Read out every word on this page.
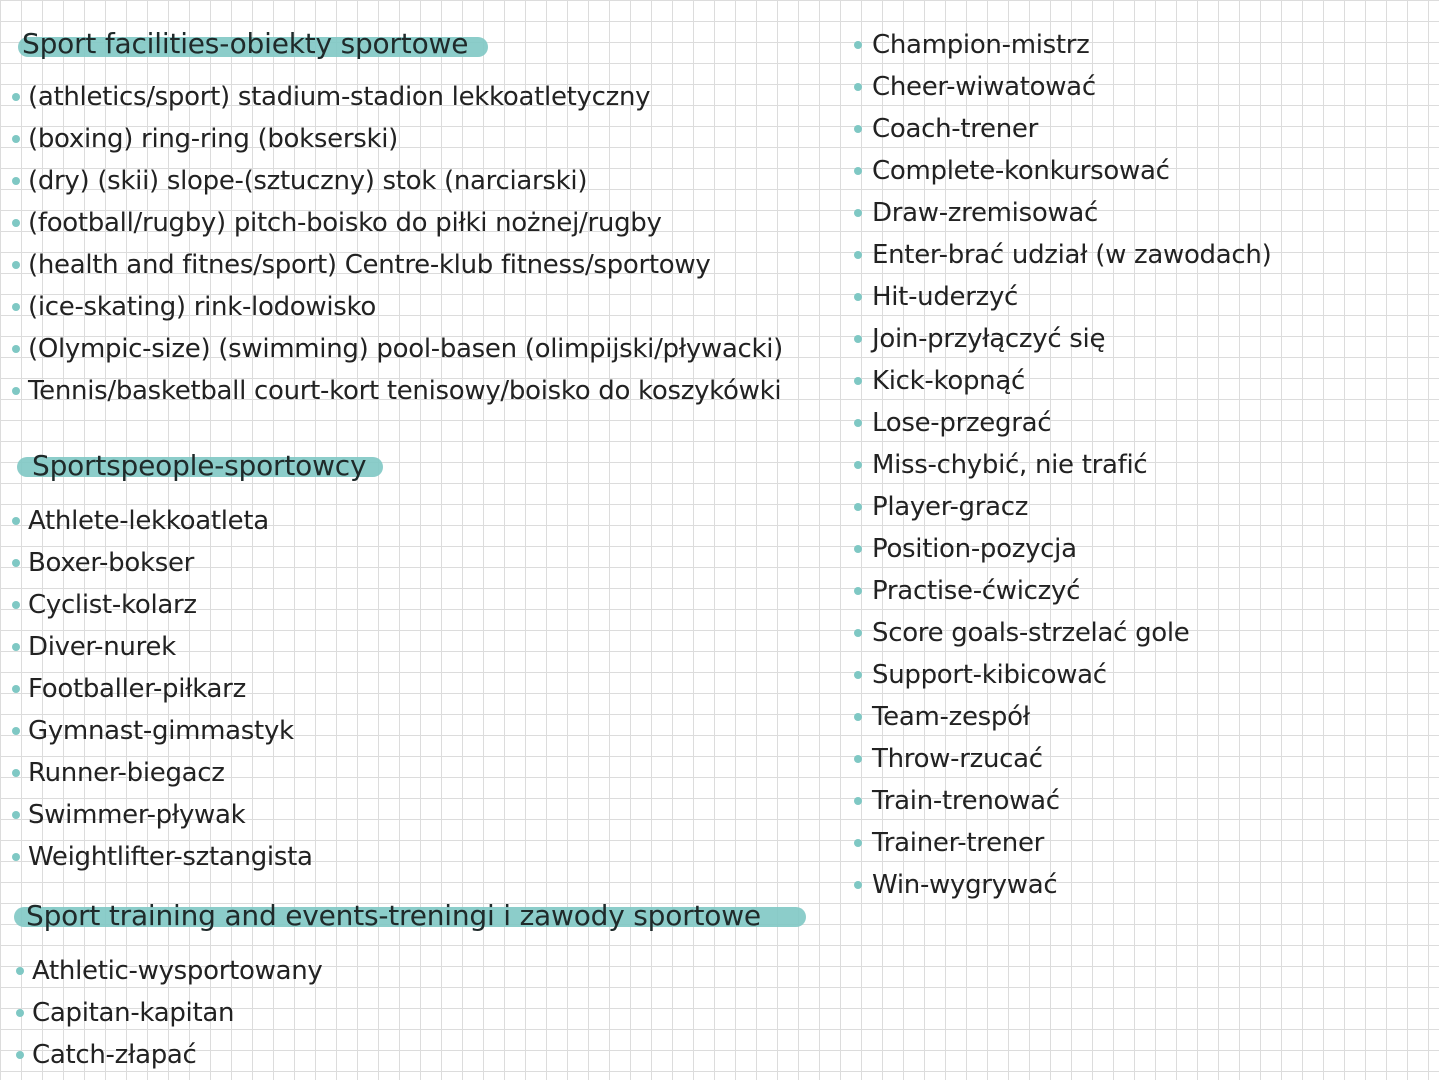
Sport facilities-obiekty sportowe
(athletics/sport) stadium-stadion lekkoatletyczny
(boxing) ring-ring (bokserski)
(dry) (skii) slope-(sztuczny) stok (narciarski)
(football/rugby) pitch-boisko do piłki nożnej/rugby
(health and fitnes/sport) Centre-klub fitness/sportowy
(ice-skating) rink-lodowisko
(Olympic-size) (swimming) pool-basen (olimpijski/pływacki)
Tennis/basketball court-kort tenisowy/boisko do koszykówki
Sportspeople-sportowcy
Athlete-lekkoatleta
Boxer-bokser
Cyclist-kolarz
Diver-nurek
Footballer-piłkarz
Gymnast-gimmastyk
Runner-biegacz
Swimmer-pływak
Weightlifter-sztangista
Sport training and events-treningi i zawody sportowe
Athletic-wysportowany
Capitan-kapitan
Catch-złapać
Champion-mistrz
Cheer-wiwatować
Coach-trener
Complete-konkursować
Draw-zremisować
Enter-brać udział (w zawodach)
Hit-uderzyć
Join-przyłączyć się
Kick-kopnąć
Lose-przegrać
Miss-chybić, nie trafić
Player-gracz
Position-pozycja
Practise-ćwiczyć
Score goals-strzelać gole
Support-kibicować
Team-zespół
Throw-rzucać
Train-trenować
Trainer-trener
Win-wygrywać
